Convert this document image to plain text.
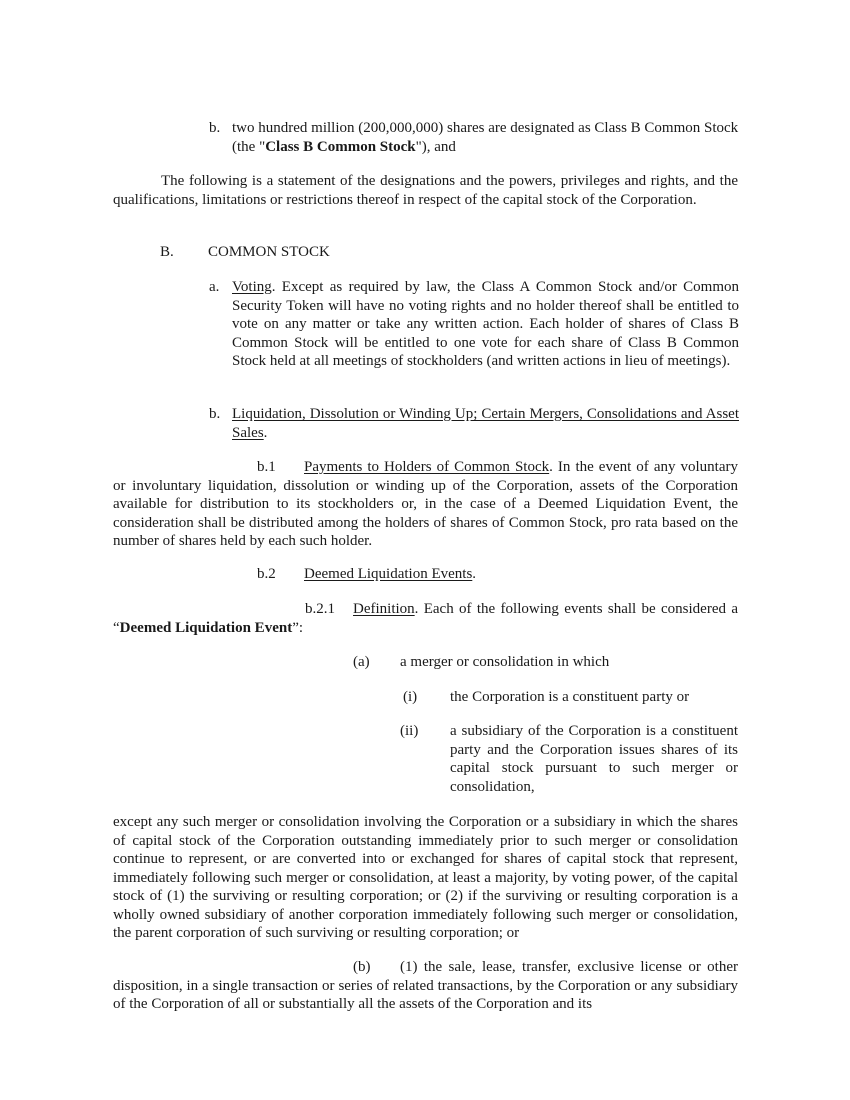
b. two hundred million (200,000,000) shares are designated as Class B Common Stock (the "Class B Common Stock"), and
The following is a statement of the designations and the powers, privileges and rights, and the qualifications, limitations or restrictions thereof in respect of the capital stock of the Corporation.
B. COMMON STOCK
a. Voting. Except as required by law, the Class A Common Stock and/or Common Security Token will have no voting rights and no holder thereof shall be entitled to vote on any matter or take any written action. Each holder of shares of Class B Common Stock will be entitled to one vote for each share of Class B Common Stock held at all meetings of stockholders (and written actions in lieu of meetings).
b. Liquidation, Dissolution or Winding Up; Certain Mergers, Consolidations and Asset Sales.
b.1 Payments to Holders of Common Stock. In the event of any voluntary or involuntary liquidation, dissolution or winding up of the Corporation, assets of the Corporation available for distribution to its stockholders or, in the case of a Deemed Liquidation Event, the consideration shall be distributed among the holders of shares of Common Stock, pro rata based on the number of shares held by each such holder.
b.2 Deemed Liquidation Events.
b.2.1 Definition. Each of the following events shall be considered a “Deemed Liquidation Event”:
(a) a merger or consolidation in which
(i) the Corporation is a constituent party or
(ii) a subsidiary of the Corporation is a constituent party and the Corporation issues shares of its capital stock pursuant to such merger or consolidation,
except any such merger or consolidation involving the Corporation or a subsidiary in which the shares of capital stock of the Corporation outstanding immediately prior to such merger or consolidation continue to represent, or are converted into or exchanged for shares of capital stock that represent, immediately following such merger or consolidation, at least a majority, by voting power, of the capital stock of (1) the surviving or resulting corporation; or (2) if the surviving or resulting corporation is a wholly owned subsidiary of another corporation immediately following such merger or consolidation, the parent corporation of such surviving or resulting corporation; or
(b) (1) the sale, lease, transfer, exclusive license or other disposition, in a single transaction or series of related transactions, by the Corporation or any subsidiary of the Corporation of all or substantially all the assets of the Corporation and its
